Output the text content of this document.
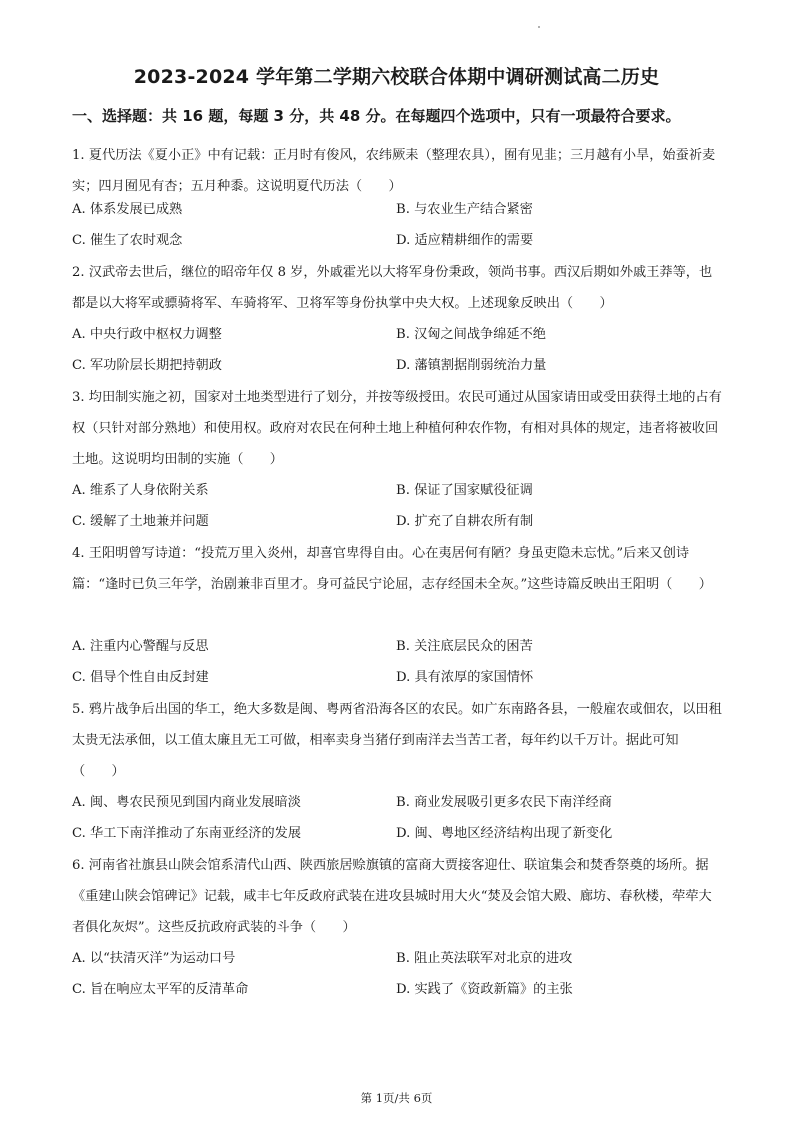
2023-2024 学年第二学期六校联合体期中调研测试高二历史
一、选择题：共 16 题，每题 3 分，共 48 分。在每题四个选项中，只有一项最符合要求。
1. 夏代历法《夏小正》中有记载：正月时有俊风，农纬厥耒（整理农具），囿有见韭；三月越有小旱，始蚕祈麦实；四月囿见有杏；五月种黍。这说明夏代历法（　　）
A. 体系发展已成熟	B. 与农业生产结合紧密
C. 催生了农时观念	D. 适应精耕细作的需要
2. 汉武帝去世后，继位的昭帝年仅 8 岁，外戚霍光以大将军身份秉政，领尚书事。西汉后期如外戚王莽等，也都是以大将军或骠骑将军、车骑将军、卫将军等身份执掌中央大权。上述现象反映出（　　）
A. 中央行政中枢权力调整	B. 汉匈之间战争绵延不绝
C. 军功阶层长期把持朝政	D. 藩镇割据削弱统治力量
3. 均田制实施之初，国家对土地类型进行了划分，并按等级授田。农民可通过从国家请田或受田获得土地的占有权（只针对部分熟地）和使用权。政府对农民在何种土地上种植何种农作物，有相对具体的规定，违者将被收回土地。这说明均田制的实施（　　）
A. 维系了人身依附关系	B. 保证了国家赋役征调
C. 缓解了土地兼并问题	D. 扩充了自耕农所有制
4. 王阳明曾写诗道：“投荒万里入炎州，却喜官卑得自由。心在夷居何有陋？身虽吏隐未忘忧。”后来又创诗篇：“逢时已负三年学，治剧兼非百里才。身可益民宁论屈，志存经国未全灰。”这些诗篇反映出王阳明（　　）
A. 注重内心警醒与反思	B. 关注底层民众的困苦
C. 倡导个性自由反封建	D. 具有浓厚的家国情怀
5. 鸦片战争后出国的华工，绝大多数是闽、粤两省沿海各区的农民。如广东南路各县，一般雇农或佃农，以田租太贵无法承佃，以工值太廉且无工可做，相率卖身当猪仔到南洋去当苦工者，每年约以千万计。据此可知（　　）
A. 闽、粤农民预见到国内商业发展暗淡	B. 商业发展吸引更多农民下南洋经商
C. 华工下南洋推动了东南亚经济的发展	D. 闽、粤地区经济结构出现了新变化
6. 河南省社旗县山陕会馆系清代山西、陕西旅居赊旗镇的富商大贾接客迎仕、联谊集会和焚香祭奠的场所。据《重建山陕会馆碑记》记载，咸丰七年反政府武装在进攻县城时用大火“焚及会馆大殿、廊坊、春秋楼，荦荦大者俱化灰烬”。这些反抗政府武装的斗争（　　）
A. 以“扶清灭洋”为运动口号	B. 阻止英法联军对北京的进攻
C. 旨在响应太平军的反清革命	D. 实践了《资政新篇》的主张
第 1页/共 6页
